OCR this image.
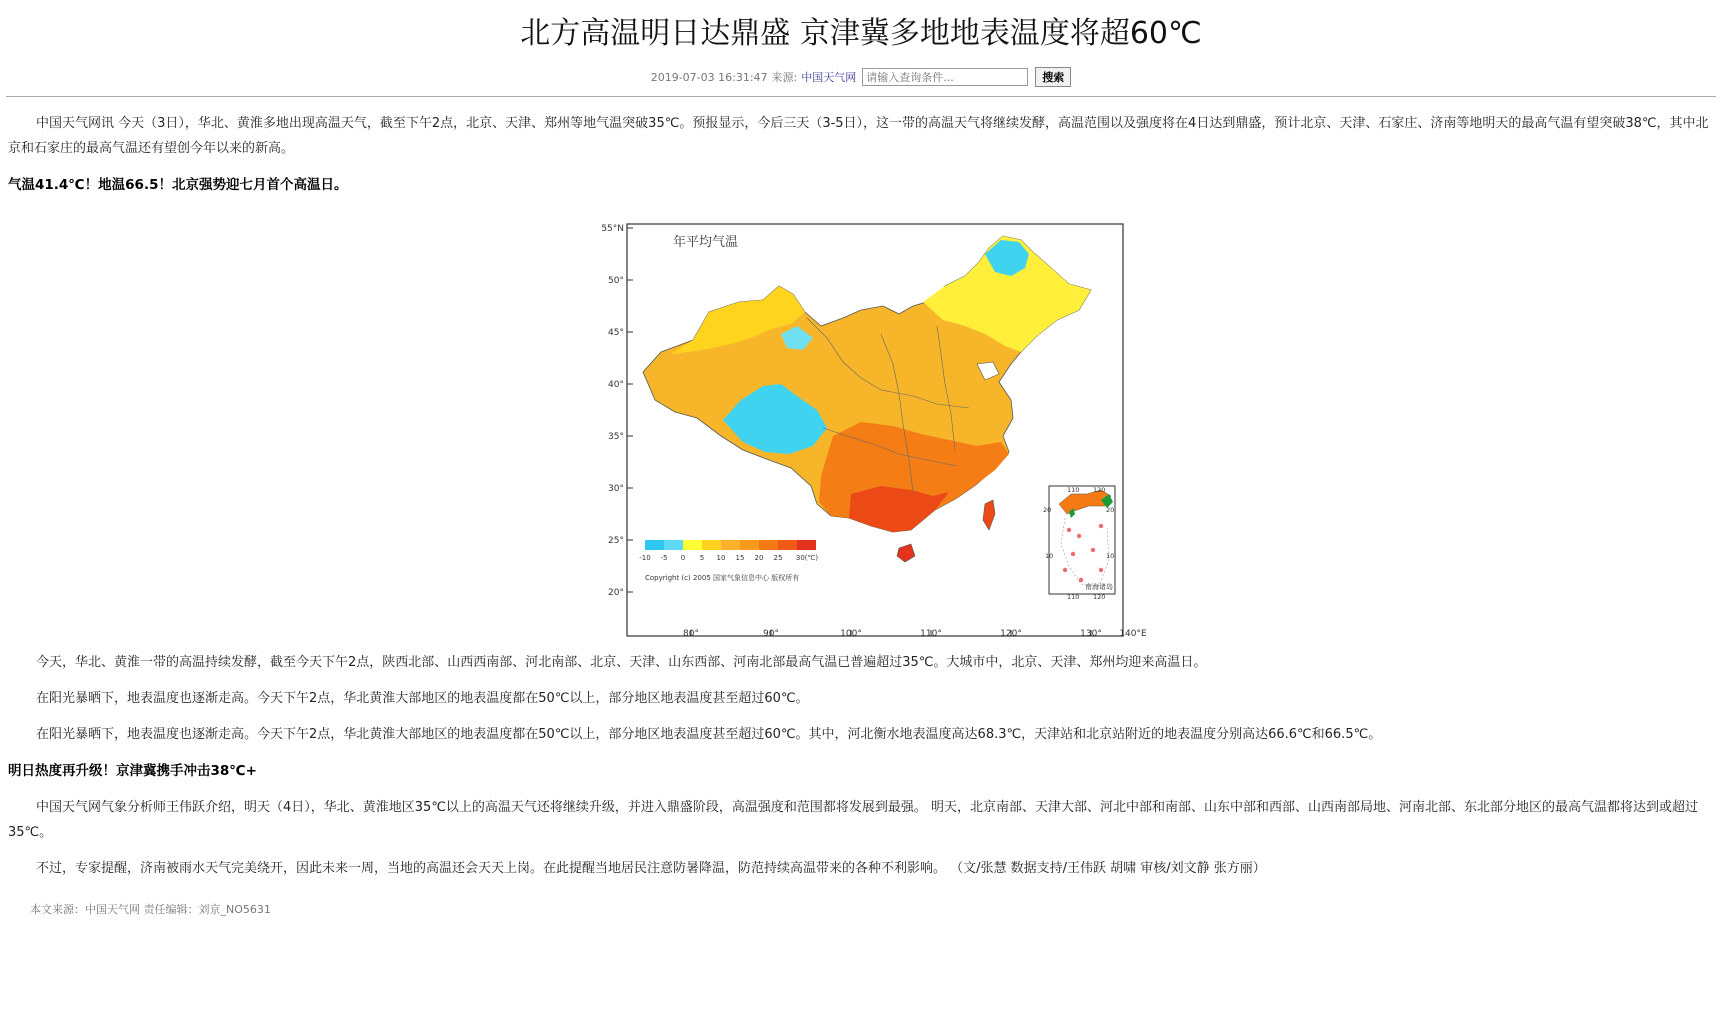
北方高温明日达鼎盛 京津冀多地地表温度将超60℃
2019-07-03 16:31:47 来源: 中国天气网
请输入查询条件...	搜索

中国天气网讯 今天（3日），华北、黄淮多地出现高温天气，截至下午2点，北京、天津、郑州等地气温突破35℃。预报显示，今后三天（3-5日），这一带的高温天气将继续发酵，高温范围以及强度将在4日达到鼎盛，预计北京、天津、石家庄、济南等地明天的最高气温有望突破38℃，其中北京和石家庄的最高气温还有望创今年以来的新高。

气温41.4℃！地温66.5！北京强势迎七月首个高温日。

55°N
50°
45°
40°
35°
30°
25°
20°
80°	90°	100°	110°	120°	130° 140°E
年平均气温
-10 -5 0 5 10 15 20 25 30(℃)
Copyright (c) 2005 国家气象信息中心 版权所有
110 120
20	20
10	10
110 120
南海诸岛

今天，华北、黄淮一带的高温持续发酵，截至今天下午2点，陕西北部、山西西南部、河北南部、北京、天津、山东西部、河南北部最高气温已普遍超过35℃。大城市中，北京、天津、郑州均迎来高温日。

在阳光暴晒下，地表温度也逐渐走高。今天下午2点，华北黄淮大部地区的地表温度都在50℃以上，部分地区地表温度甚至超过60℃。

在阳光暴晒下，地表温度也逐渐走高。今天下午2点，华北黄淮大部地区的地表温度都在50℃以上，部分地区地表温度甚至超过60℃。其中，河北衡水地表温度高达68.3℃，天津站和北京站附近的地表温度分别高达66.6℃和66.5℃。

明日热度再升级！京津冀携手冲击38℃+

中国天气网气象分析师王伟跃介绍，明天（4日），华北、黄淮地区35℃以上的高温天气还将继续升级，并进入鼎盛阶段，高温强度和范围都将发展到最强。 明天，北京南部、天津大部、河北中部和南部、山东中部和西部、山西南部局地、河南北部、东北部分地区的最高气温都将达到或超过35℃。

不过，专家提醒，济南被雨水天气完美绕开，因此未来一周，当地的高温还会天天上岗。在此提醒当地居民注意防暑降温，防范持续高温带来的各种不利影响。 （文/张慧 数据支持/王伟跃 胡啸 审核/刘文静 张方丽）

本文来源：中国天气网 责任编辑：刘京_NO5631
